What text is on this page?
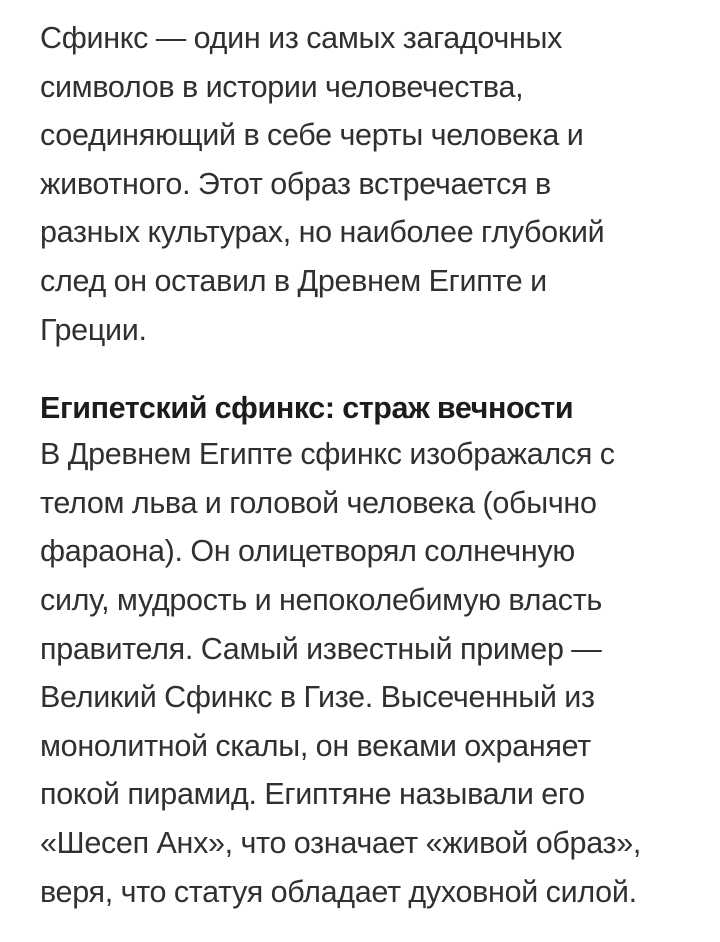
Сфинкс — один из самых загадочных
символов в истории человечества,
соединяющий в себе черты человека и
животного. Этот образ встречается в
разных культурах, но наиболее глубокий
след он оставил в Древнем Египте и
Греции.

Египетский сфинкс: страж вечности

В Древнем Египте сфинкс изображался с
телом льва и головой человека (обычно
фараона). Он олицетворял солнечную
силу, мудрость и непоколебимую власть
правителя. Самый известный пример —
Великий Сфинкс в Гизе. Высеченный из
монолитной скалы, он веками охраняет
покой пирамид. Египтяне называли его
«Шесеп Анх», что означает «живой образ»,
веря, что статуя обладает духовной силой.
